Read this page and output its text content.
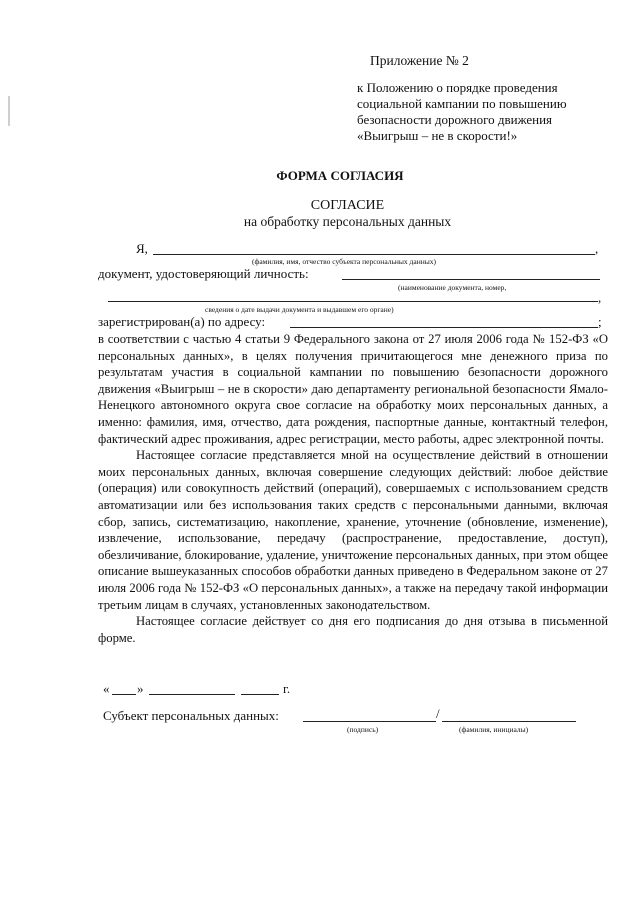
Приложение № 2
к Положению о порядке проведения
социальной кампании по повышению
безопасности дорожного движения
«Выигрыш – не в скорости!»
ФОРМА СОГЛАСИЯ
СОГЛАСИЕ
на обработку персональных данных
Я,	,
(фамилия, имя, отчество субъекта персональных данных)
документ, удостоверяющий личность:
(наименование документа, номер,
,
сведения о дате выдачи документа и выдавшем его органе)
зарегистрирован(а) по адресу:	;

в соответствии с частью 4 статьи 9 Федерального закона от 27 июля 2006 года № 152-ФЗ «О персональных данных», в целях получения причитающегося мне денежного приза по результатам участия в социальной кампании по повышению безопасности дорожного движения «Выигрыш – не в скорости» даю департаменту региональной безопасности Ямало-Ненецкого автономного округа свое согласие на обработку моих персональных данных, а именно: фамилия, имя, отчество, дата рождения, паспортные данные, контактный телефон, фактический адрес проживания, адрес регистрации, место работы, адрес электронной почты.

Настоящее согласие представляется мной на осуществление действий в отношении моих персональных данных, включая совершение следующих действий: любое действие (операция) или совокупность действий (операций), совершаемых с использованием средств автоматизации или без использования таких средств с персональными данными, включая сбор, запись, систематизацию, накопление, хранение, уточнение (обновление, изменение), извлечение, использование, передачу (распространение, предоставление, доступ), обезличивание, блокирование, удаление, уничтожение персональных данных, при этом общее описание вышеуказанных способов обработки данных приведено в Федеральном законе от 27 июля 2006 года № 152-ФЗ «О персональных данных», а также на передачу такой информации третьим лицам в случаях, установленных законодательством.

Настоящее согласие действует со дня его подписания до дня отзыва в письменной форме.

« »	г.
Субъект персональных данных:	/
(подпись)	(фамилия, инициалы)
